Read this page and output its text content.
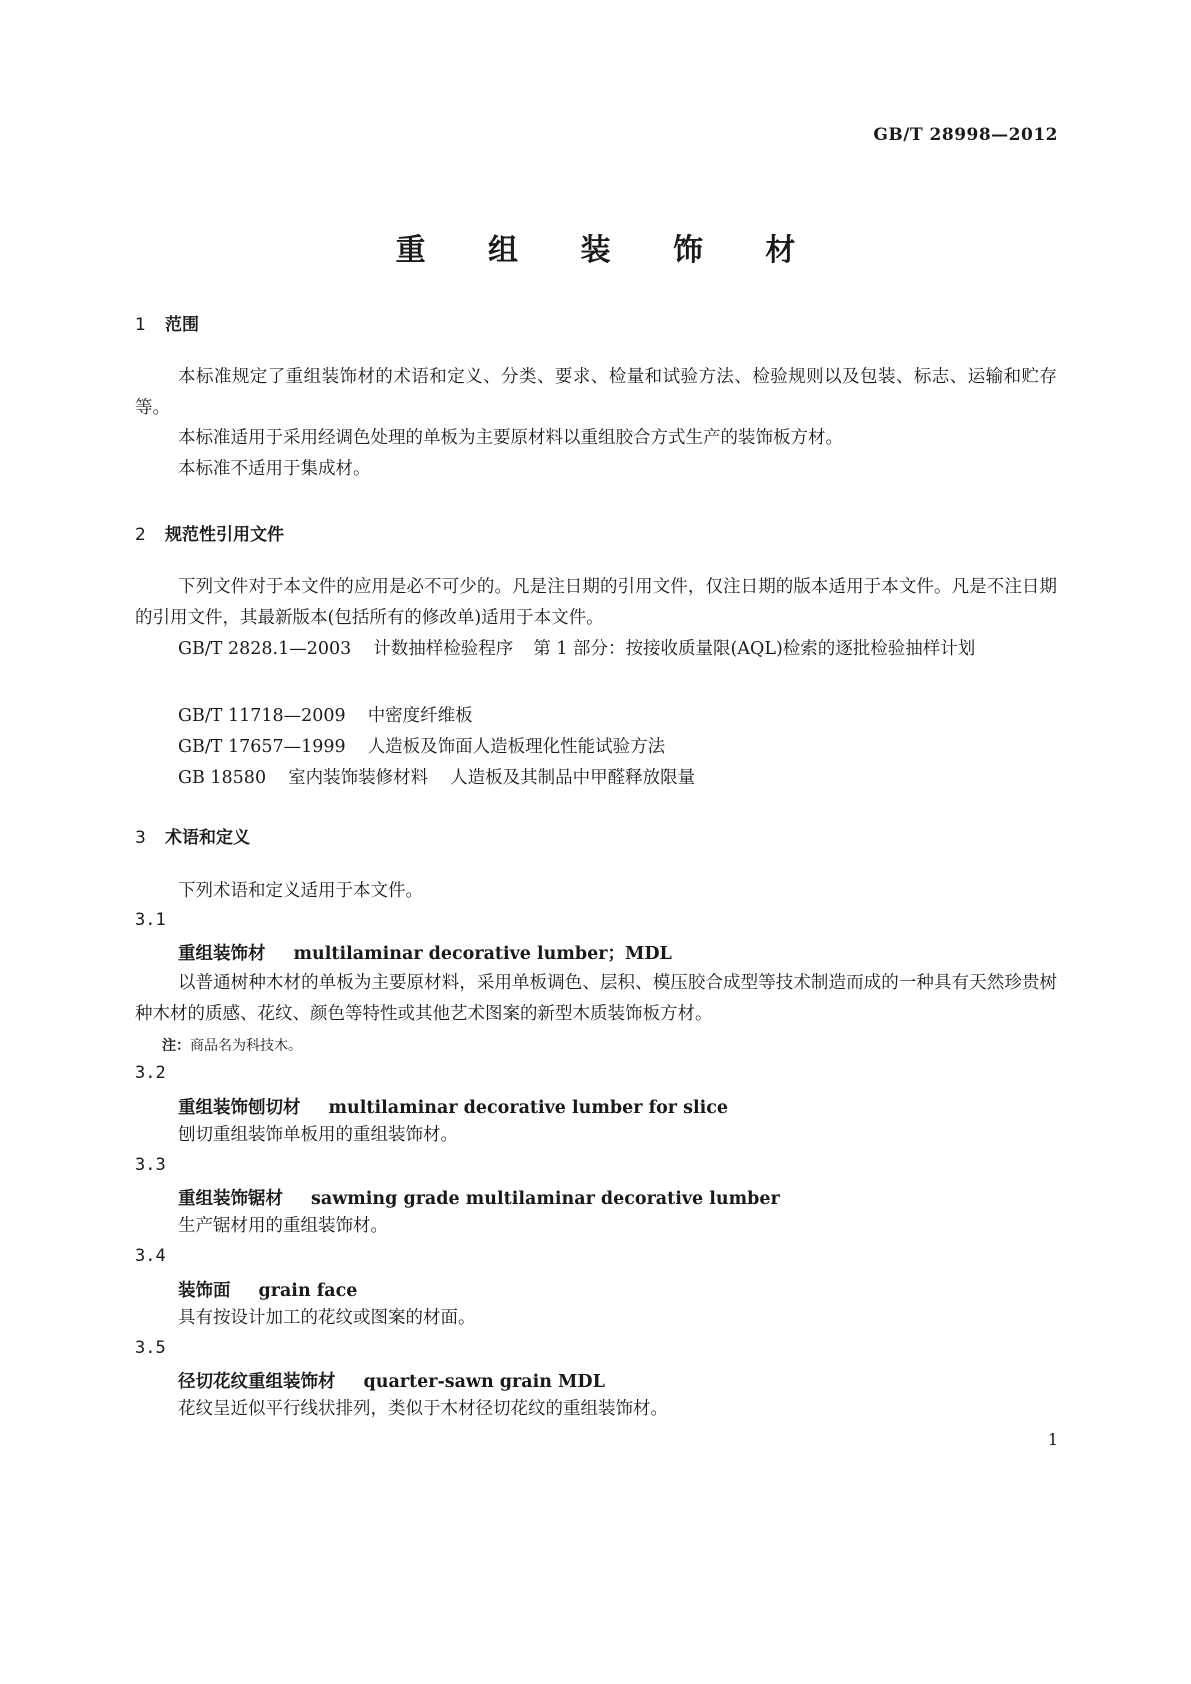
GB/T 28998—2012
重 组 装 饰 材
1 范围

本标准规定了重组装饰材的术语和定义、分类、要求、检量和试验方法、检验规则以及包装、标志、运输和贮存等。

本标准适用于采用经调色处理的单板为主要原材料以重组胶合方式生产的装饰板方材。

本标准不适用于集成材。

2 规范性引用文件

下列文件对于本文件的应用是必不可少的。凡是注日期的引用文件，仅注日期的版本适用于本文件。凡是不注日期的引用文件，其最新版本(包括所有的修改单)适用于本文件。

GB/T 2828.1—2003 计数抽样检验程序 第 1 部分：按接收质量限(AQL)检索的逐批检验抽样计划

GB/T 11718—2009 中密度纤维板
GB/T 17657—1999 人造板及饰面人造板理化性能试验方法
GB 18580 室内装饰装修材料 人造板及其制品中甲醛释放限量
3 术语和定义

下列术语和定义适用于本文件。

3.1
重组装饰材 multilaminar decorative lumber；MDL

以普通树种木材的单板为主要原材料，采用单板调色、层积、模压胶合成型等技术制造而成的一种具有天然珍贵树种木材的质感、花纹、颜色等特性或其他艺术图案的新型木质装饰板方材。

注：商品名为科技木。
3.2
重组装饰刨切材 multilaminar decorative lumber for slice

刨切重组装饰单板用的重组装饰材。

3.3
重组装饰锯材 sawming grade multilaminar decorative lumber

生产锯材用的重组装饰材。

3.4
装饰面 grain face

具有按设计加工的花纹或图案的材面。

3.5
径切花纹重组装饰材 quarter-sawn grain MDL

花纹呈近似平行线状排列，类似于木材径切花纹的重组装饰材。

1
